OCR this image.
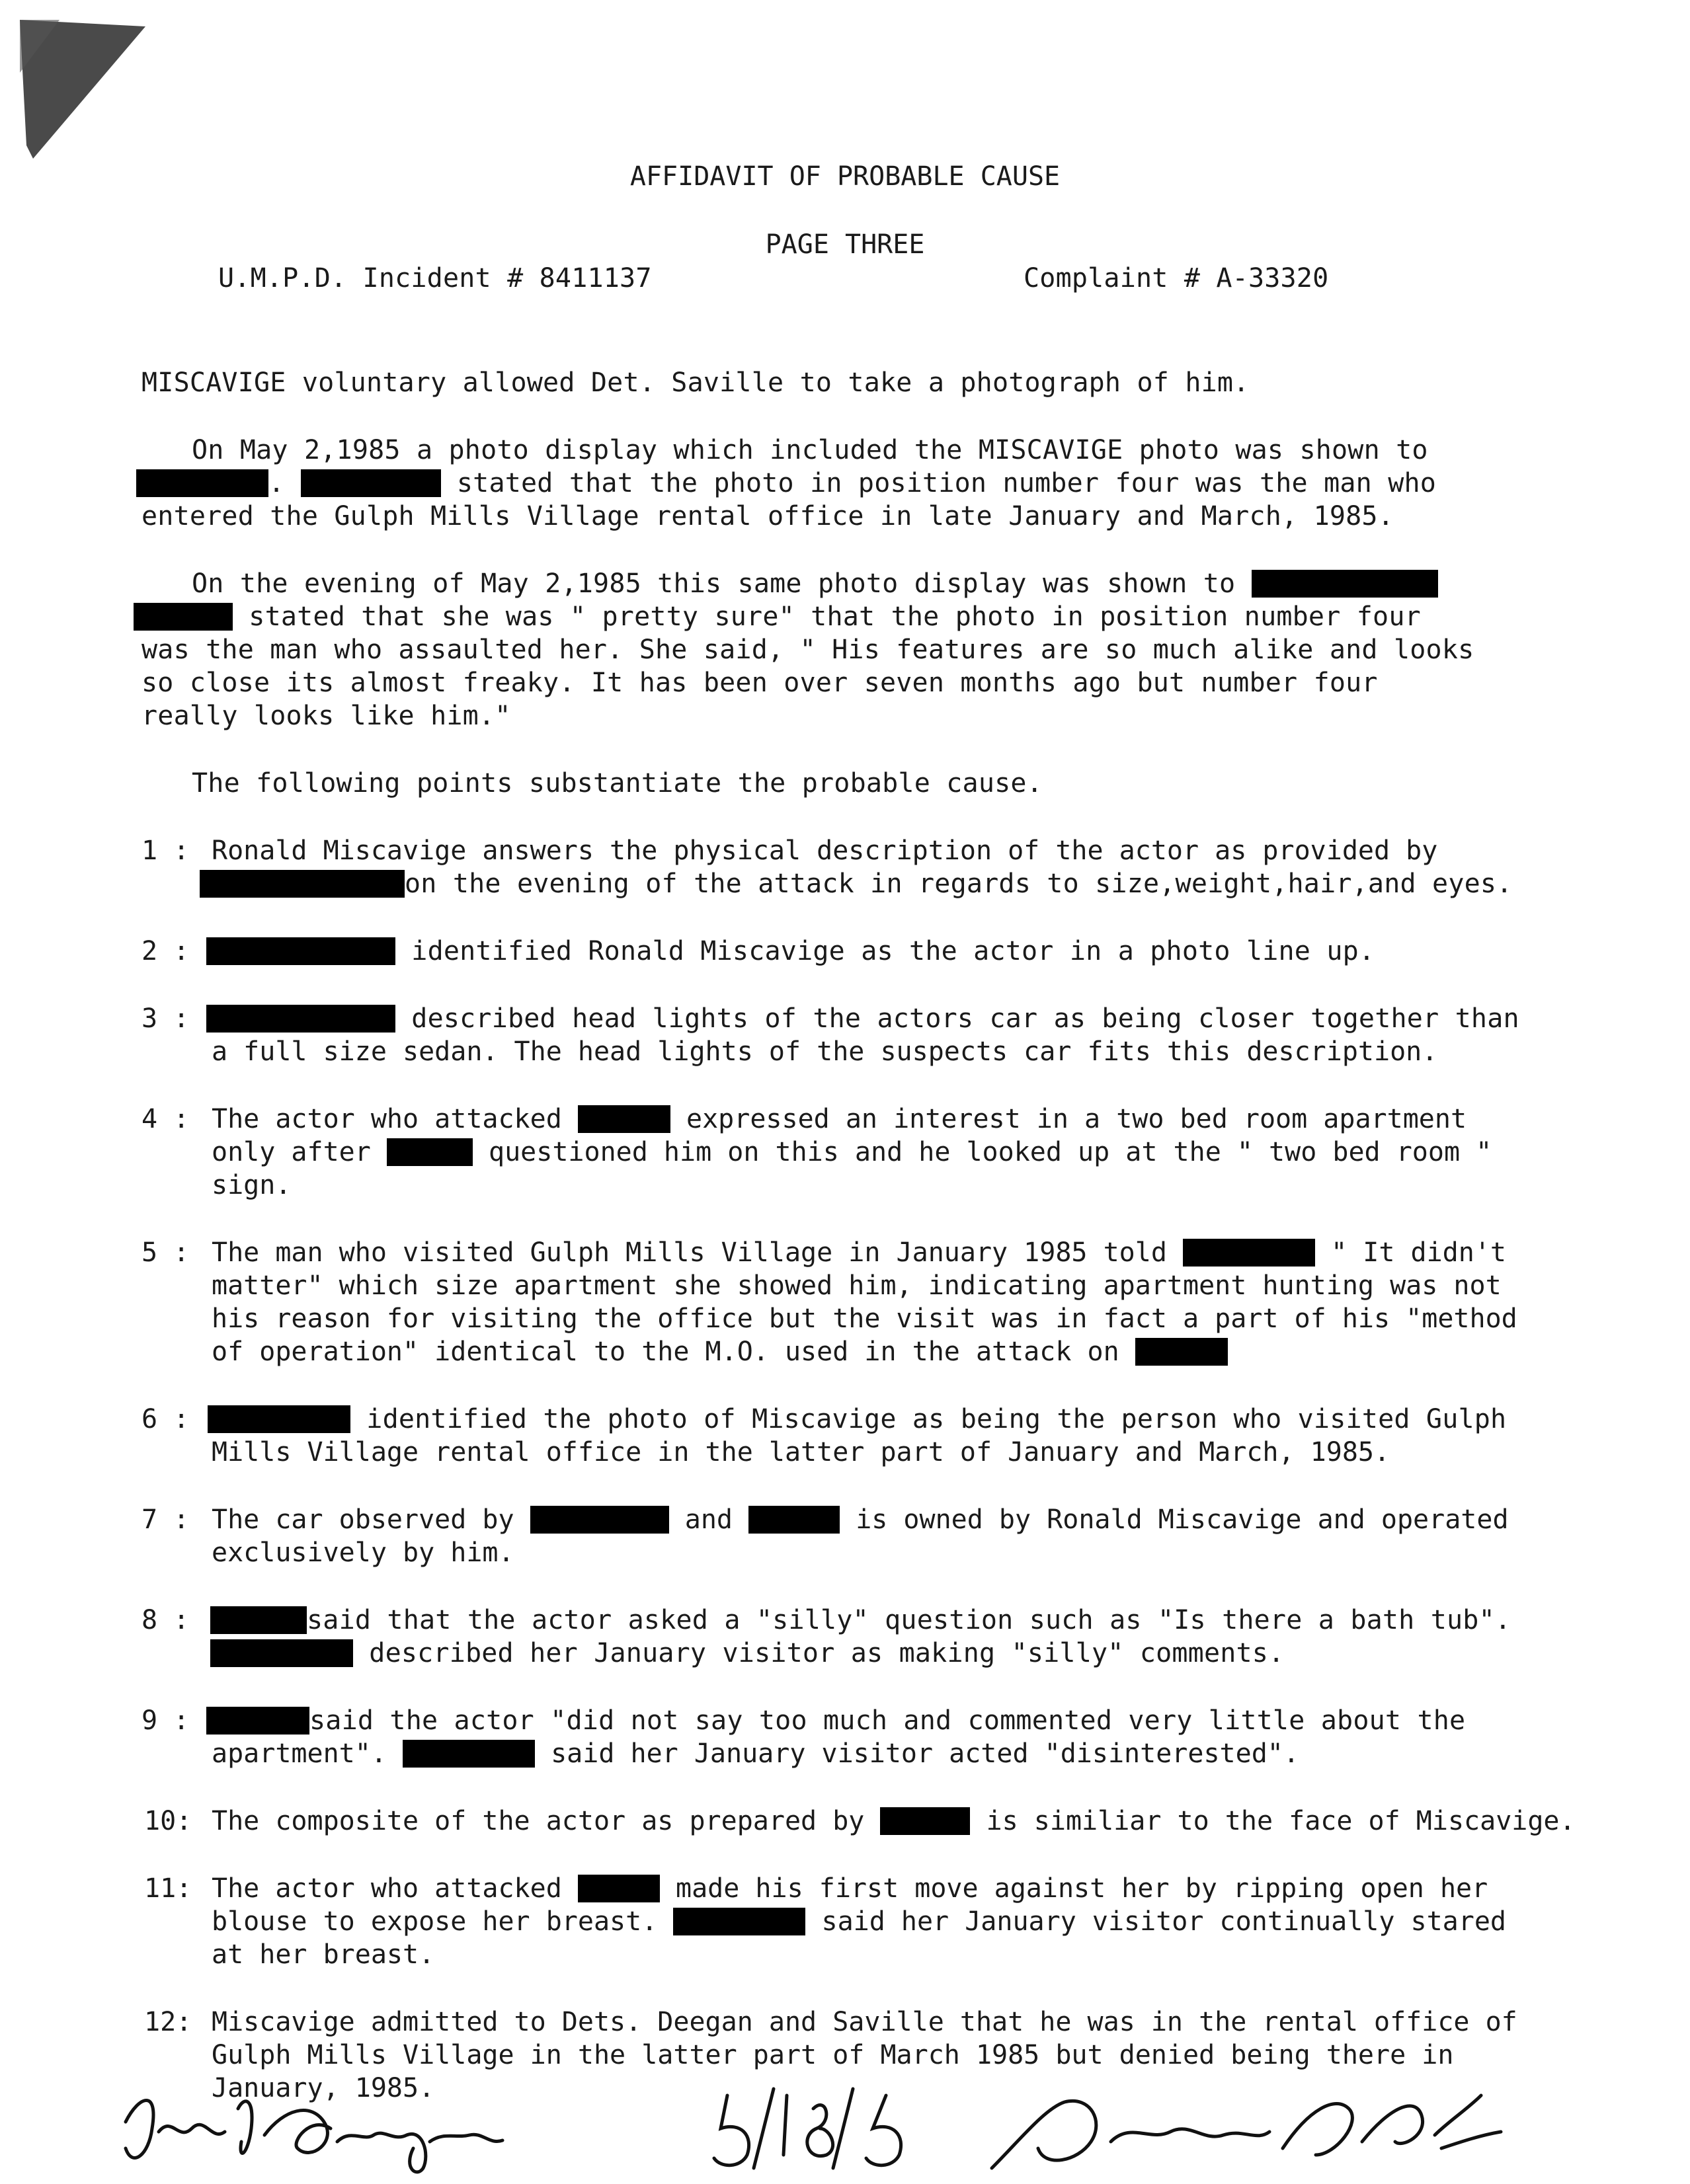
AFFIDAVIT OF PROBABLE CAUSE
PAGE THREE
U.M.P.D. Incident # 8411137	Complaint # A-33320
MISCAVIGE voluntary allowed Det. Saville to take a photograph of him.
On May 2,1985 a photo display which included the MISCAVIGE photo was shown to
.	stated that the photo in position number four was the man who
entered the Gulph Mills Village rental office in late January and March, 1985.
On the evening of May 2,1985 this same photo display was shown to
stated that she was " pretty sure" that the photo in position number four
was the man who assaulted her. She said, " His features are so much alike and looks
so close its almost freaky. It has been over seven months ago but number four
really looks like him."
The following points substantiate the probable cause.
1 : Ronald Miscavige answers the physical description of the actor as provided by
on the evening of the attack in regards to size,weight,hair,and eyes.
2 :	identified Ronald Miscavige as the actor in a photo line up.
3 :	described head lights of the actors car as being closer together than
a full size sedan. The head lights of the suspects car fits this description.
4 : The actor who attacked	expressed an interest in a two bed room apartment
only after	questioned him on this and he looked up at the " two bed room "
sign.
5 : The man who visited Gulph Mills Village in January 1985 told	" It didn't
matter" which size apartment she showed him, indicating apartment hunting was not
his reason for visiting the office but the visit was in fact a part of his "method
of operation" identical to the M.O. used in the attack on
6 :	identified the photo of Miscavige as being the person who visited Gulph
Mills Village rental office in the latter part of January and March, 1985.
7 : The car observed by	and	is owned by Ronald Miscavige and operated
exclusively by him.
8 :	said that the actor asked a "silly" question such as "Is there a bath tub".
described her January visitor as making "silly" comments.
9 :	said the actor "did not say too much and commented very little about the
apartment".	said her January visitor acted "disinterested".
10: The composite of the actor as prepared by	is similiar to the face of Miscavige.
11: The actor who attacked	made his first move against her by ripping open her
blouse to expose her breast.	said her January visitor continually stared
at her breast.
12: Miscavige admitted to Dets. Deegan and Saville that he was in the rental office of
Gulph Mills Village in the latter part of March 1985 but denied being there in
January, 1985.
